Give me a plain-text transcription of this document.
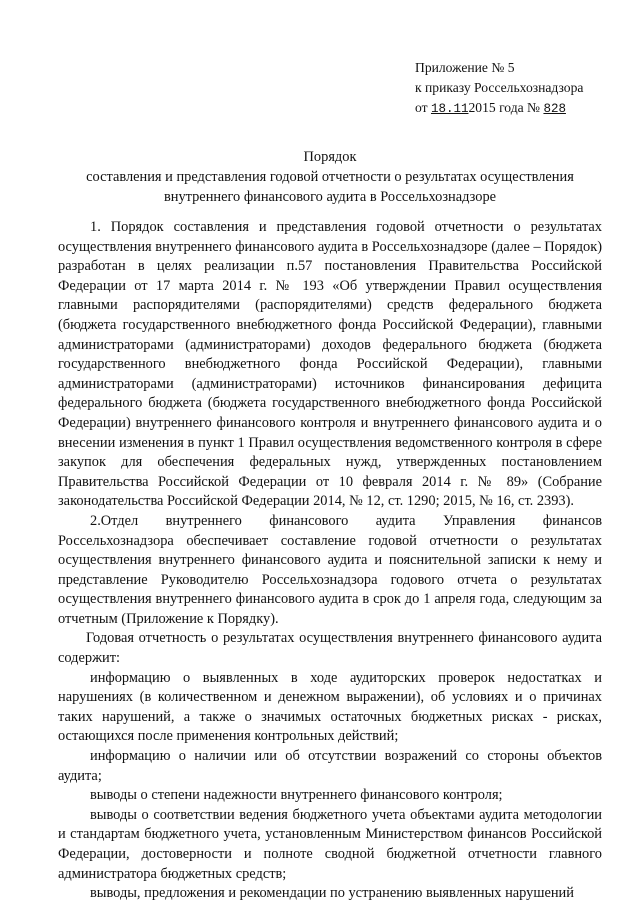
Приложение № 5
к приказу Россельхознадзора
от 18.112015 года № 828
Порядок
составления и представления годовой отчетности о результатах осуществления
внутреннего финансового аудита в Россельхознадзоре

1. Порядок составления и представления годовой отчетности о результатах осуществления внутреннего финансового аудита в Россельхознадзоре (далее – Порядок) разработан в целях реализации п.57 постановления Правительства Российской Федерации от 17 марта 2014 г. № 193 «Об утверждении Правил осуществления главными распорядителями (распорядителями) средств федерального бюджета (бюджета государственного внебюджетного фонда Российской Федерации), главными администраторами (администраторами) доходов федерального бюджета (бюджета государственного внебюджетного фонда Российской Федерации), главными администраторами (администраторами) источников финансирования дефицита федерального бюджета (бюджета государственного внебюджетного фонда Российской Федерации) внутреннего финансового контроля и внутреннего финансового аудита и о внесении изменения в пункт 1 Правил осуществления ведомственного контроля в сфере закупок для обеспечения федеральных нужд, утвержденных постановлением Правительства Российской Федерации от 10 февраля 2014 г. № 89» (Собрание законодательства Российской Федерации 2014, № 12, ст. 1290; 2015, № 16, ст. 2393).

2.Отдел внутреннего финансового аудита Управления финансов Россельхознадзора обеспечивает составление годовой отчетности о результатах осуществления внутреннего финансового аудита и пояснительной записки к нему и представление Руководителю Россельхознадзора годового отчета о результатах осуществления внутреннего финансового аудита в срок до 1 апреля года, следующим за отчетным (Приложение к Порядку).

Годовая отчетность о результатах осуществления внутреннего финансового аудита содержит:

информацию о выявленных в ходе аудиторских проверок недостатках и нарушениях (в количественном и денежном выражении), об условиях и о причинах таких нарушений, а также о значимых остаточных бюджетных рисках - рисках, остающихся после применения контрольных действий;

информацию о наличии или об отсутствии возражений со стороны объектов аудита;

выводы о степени надежности внутреннего финансового контроля;

выводы о соответствии ведения бюджетного учета объектами аудита методологии и стандартам бюджетного учета, установленным Министерством финансов Российской Федерации, достоверности и полноте сводной бюджетной отчетности главного администратора бюджетных средств;

выводы, предложения и рекомендации по устранению выявленных нарушений
